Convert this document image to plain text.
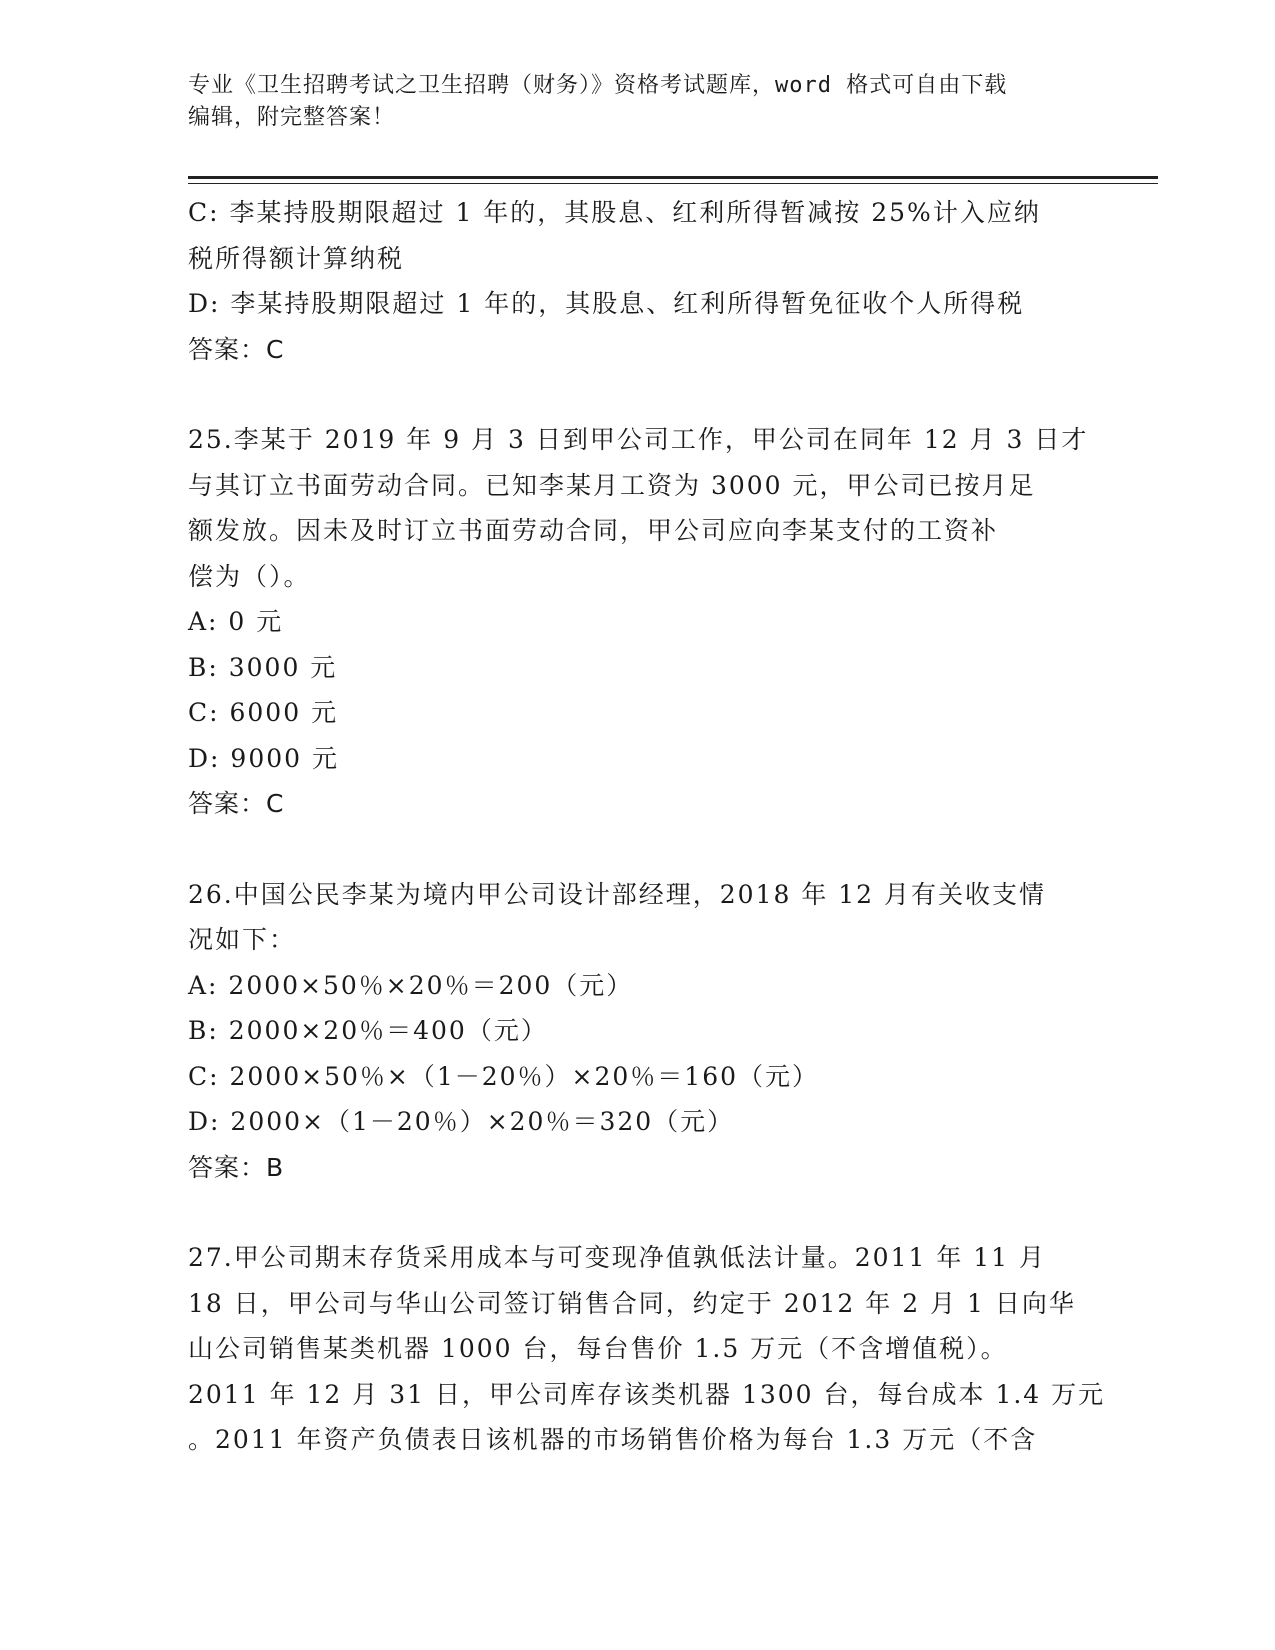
专业《卫生招聘考试之卫生招聘（财务）》资格考试题库，word 格式可自由下载
编辑，附完整答案！
C: 李某持股期限超过 1 年的，其股息、红利所得暂减按 25%计入应纳
税所得额计算纳税
D: 李某持股期限超过 1 年的，其股息、红利所得暂免征收个人所得税
答案：C
25.李某于 2019 年 9 月 3 日到甲公司工作，甲公司在同年 12 月 3 日才
与其订立书面劳动合同。已知李某月工资为 3000 元，甲公司已按月足
额发放。因未及时订立书面劳动合同，甲公司应向李某支付的工资补
偿为（）。
A: 0 元
B: 3000 元
C: 6000 元
D: 9000 元
答案：C
26.中国公民李某为境内甲公司设计部经理，2018 年 12 月有关收支情
况如下：
A: 2000×50％×20％＝200（元）
B: 2000×20％＝400（元）
C: 2000×50％×（1－20％）×20％＝160（元）
D: 2000×（1－20％）×20％＝320（元）
答案：B
27.甲公司期末存货采用成本与可变现净值孰低法计量。2011 年 11 月
18 日，甲公司与华山公司签订销售合同，约定于 2012 年 2 月 1 日向华
山公司销售某类机器 1000 台，每台售价 1.5 万元（不含增值税）。
2011 年 12 月 31 日，甲公司库存该类机器 1300 台，每台成本 1.4 万元
。2011 年资产负债表日该机器的市场销售价格为每台 1.3 万元（不含
